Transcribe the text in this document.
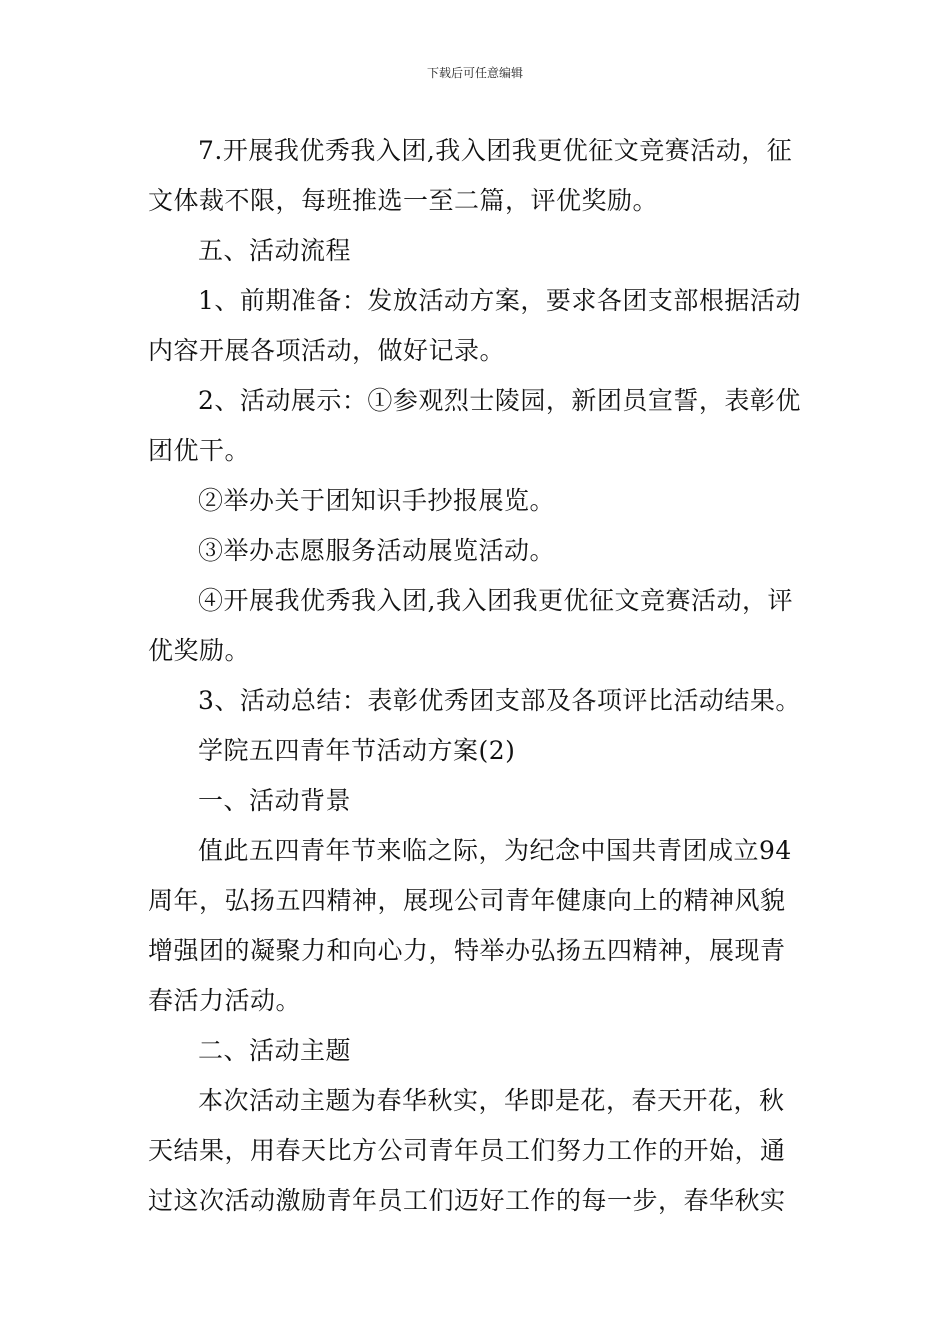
下载后可任意编辑

7.开展我优秀我入团,我入团我更优征文竞赛活动，征文体裁不限，每班推选一至二篇，评优奖励。

五、活动流程

1、前期准备：发放活动方案，要求各团支部根据活动内容开展各项活动，做好记录。

2、活动展示：①参观烈士陵园，新团员宣誓，表彰优团优干。

②举办关于团知识手抄报展览。

③举办志愿服务活动展览活动。

④开展我优秀我入团,我入团我更优征文竞赛活动，评优奖励。

3、活动总结：表彰优秀团支部及各项评比活动结果。

学院五四青年节活动方案(2)

一、活动背景

值此五四青年节来临之际，为纪念中国共青团成立94周年，弘扬五四精神，展现公司青年健康向上的精神风貌增强团的凝聚力和向心力，特举办弘扬五四精神，展现青春活力活动。

二、活动主题

本次活动主题为春华秋实，华即是花，春天开花，秋天结果，用春天比方公司青年员工们努力工作的开始，通过这次活动激励青年员工们迈好工作的每一步，春华秋实
